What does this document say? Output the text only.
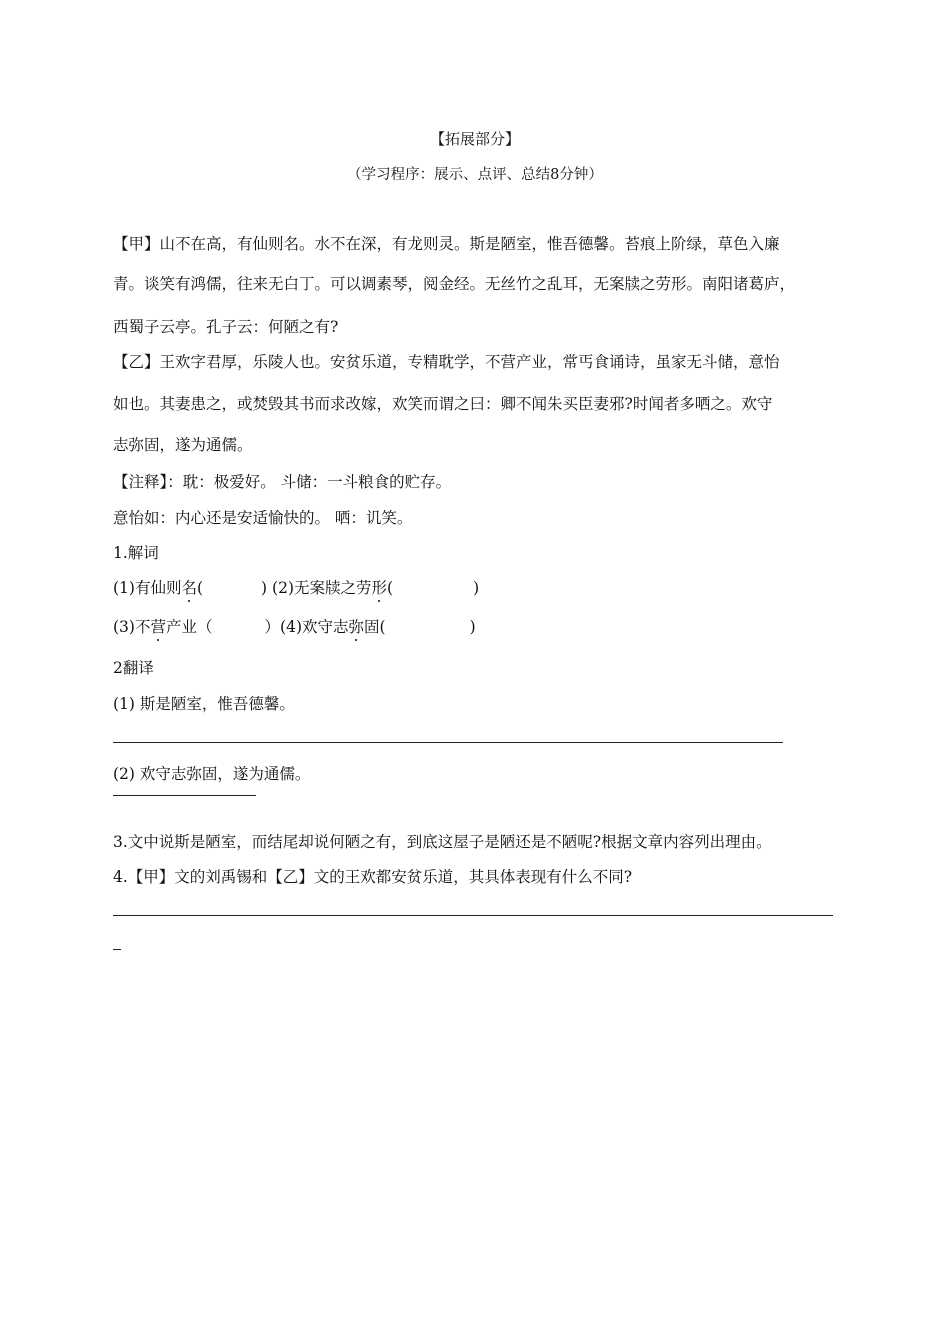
【拓展部分】
（学习程序：展示、点评、总结8分钟）
【甲】山不在高，有仙则名。水不在深，有龙则灵。斯是陋室，惟吾德馨。苔痕上阶绿，草色入廉
青。谈笑有鸿儒，往来无白丁。可以调素琴，阅金经。无丝竹之乱耳，无案牍之劳形。南阳诸葛庐，
西蜀子云亭。孔子云：何陋之有?
【乙】王欢字君厚，乐陵人也。安贫乐道，专精耽学，不营产业，常丐食诵诗，虽家无斗储，意怡
如也。其妻患之，或焚毁其书而求改嫁，欢笑而谓之曰：卿不闻朱买臣妻邪?时闻者多哂之。欢守
志弥固，遂为通儒。
【注释】：耽：极爱好。 斗储：一斗粮食的贮存。
意怡如：内心还是安适愉快的。 哂：讥笑。
1.解词
(1)有仙则名(	) (2)无案牍之劳形(	)
(3)不营产业（	）(4)欢守志弥固(	)
2翻译
(1) 斯是陋室，惟吾德馨。
(2) 欢守志弥固，遂为通儒。
3.文中说斯是陋室，而结尾却说何陋之有，到底这屋子是陋还是不陋呢?根据文章内容列出理由。
4.【甲】文的刘禹锡和【乙】文的王欢都安贫乐道，其具体表现有什么不同?
